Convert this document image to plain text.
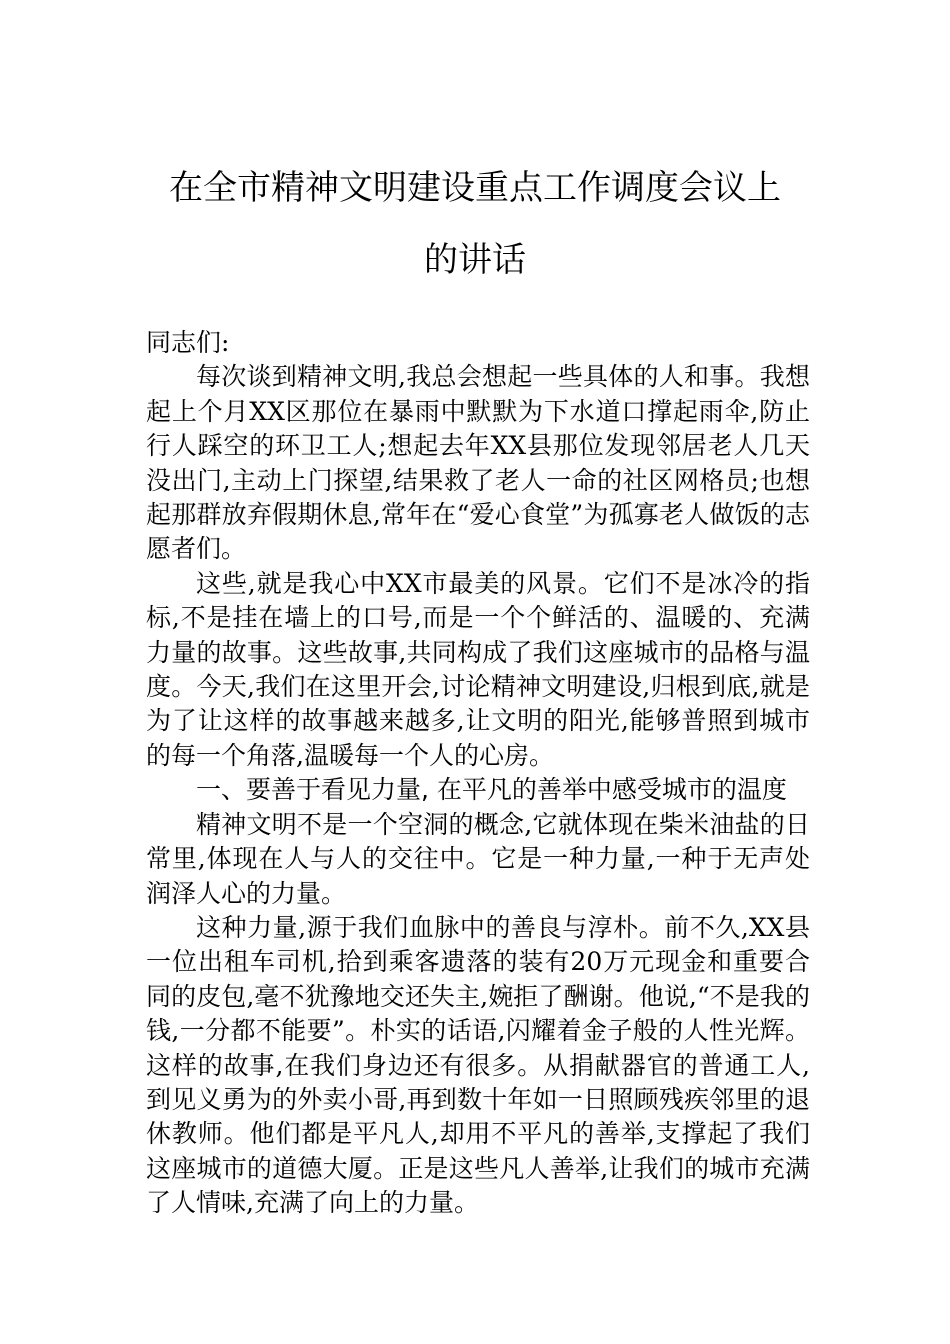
在全市精神文明建设重点工作调度会议上
的讲话

同志们:

每次谈到精神文明,我总会想起一些具体的人和事。我想起上个月XX区那位在暴雨中默默为下水道口撑起雨伞,防止行人踩空的环卫工人;想起去年XX县那位发现邻居老人几天没出门,主动上门探望,结果救了老人一命的社区网格员;也想起那群放弃假期休息,常年在“爱心食堂”为孤寡老人做饭的志愿者们。

这些,就是我心中XX市最美的风景。它们不是冰冷的指标,不是挂在墙上的口号,而是一个个鲜活的、温暖的、充满力量的故事。这些故事,共同构成了我们这座城市的品格与温度。今天,我们在这里开会,讨论精神文明建设,归根到底,就是为了让这样的故事越来越多,让文明的阳光,能够普照到城市的每一个角落,温暖每一个人的心房。

一、要善于看见力量, 在平凡的善举中感受城市的温度

精神文明不是一个空洞的概念,它就体现在柴米油盐的日常里,体现在人与人的交往中。它是一种力量,一种于无声处润泽人心的力量。

这种力量,源于我们血脉中的善良与淳朴。前不久,XX县一位出租车司机,拾到乘客遗落的装有20万元现金和重要合同的皮包,毫不犹豫地交还失主,婉拒了酬谢。他说,“不是我的钱,一分都不能要”。朴实的话语,闪耀着金子般的人性光辉。这样的故事,在我们身边还有很多。从捐献器官的普通工人,到见义勇为的外卖小哥,再到数十年如一日照顾残疾邻里的退休教师。他们都是平凡人,却用不平凡的善举,支撑起了我们这座城市的道德大厦。正是这些凡人善举,让我们的城市充满了人情味,充满了向上的力量。
